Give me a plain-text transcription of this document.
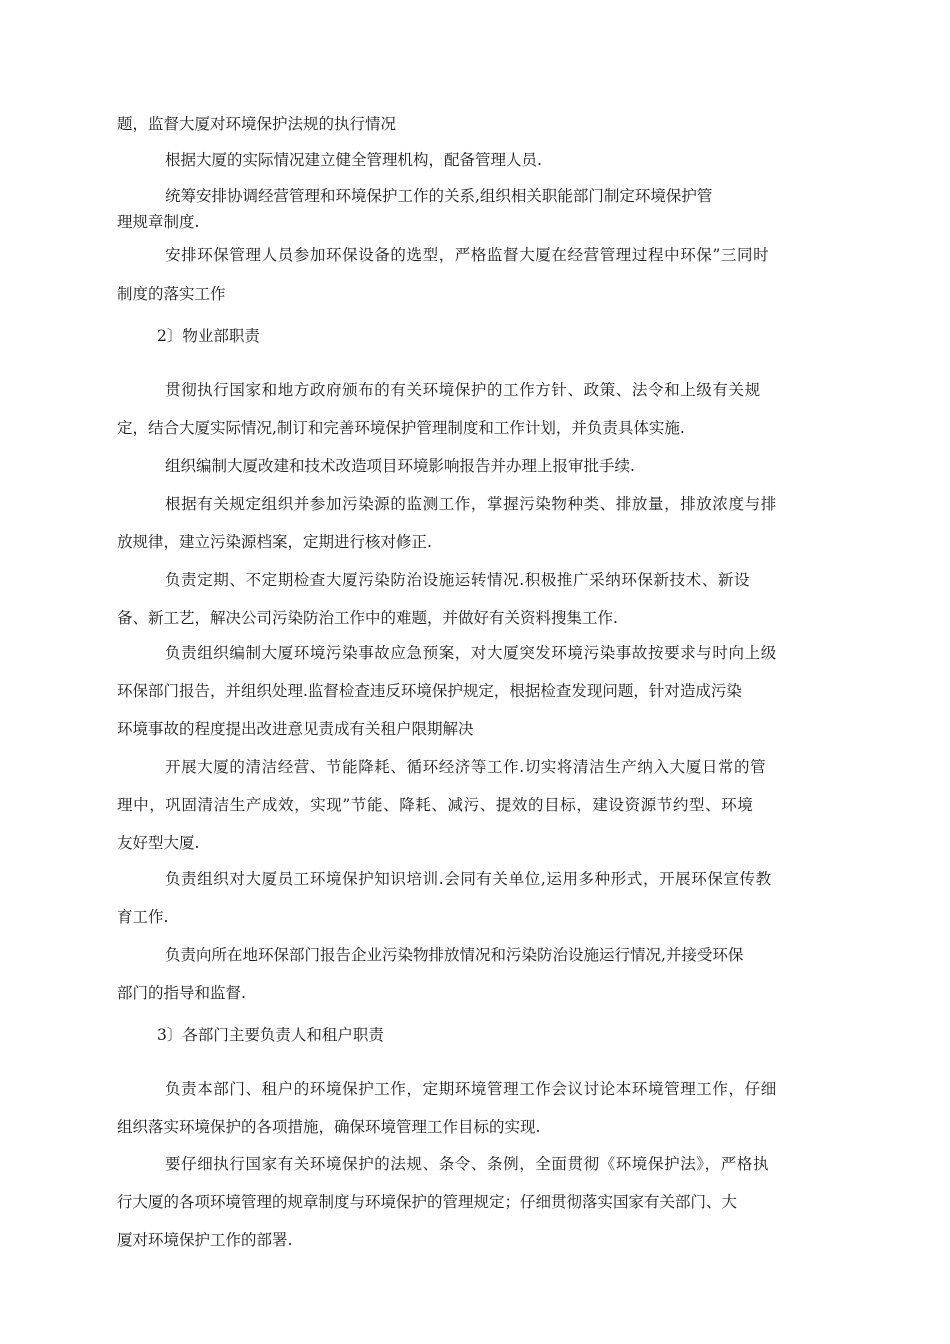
题，监督大厦对环境保护法规的执行情况
根据大厦的实际情况建立健全管理机构，配备管理人员.
统筹安排协调经营管理和环境保护工作的关系,组织相关职能部门制定环境保护管
理规章制度.
安排环保管理人员参加环保设备的选型，严格监督大厦在经营管理过程中环保”三同时
制度的落实工作
2〕物业部职责
贯彻执行国家和地方政府颁布的有关环境保护的工作方针、政策、法令和上级有关规
定，结合大厦实际情况,制订和完善环境保护管理制度和工作计划，并负责具体实施.
组织编制大厦改建和技术改造项目环境影响报告并办理上报审批手续.
根据有关规定组织并参加污染源的监测工作，掌握污染物种类、排放量，排放浓度与排
放规律，建立污染源档案，定期进行核对修正.
负责定期、不定期检查大厦污染防治设施运转情况.积极推广采纳环保新技术、新设
备、新工艺，解决公司污染防治工作中的难题，并做好有关资料搜集工作.
负责组织编制大厦环境污染事故应急预案，对大厦突发环境污染事故按要求与时向上级
环保部门报告，并组织处理.监督检查违反环境保护规定，根据检查发现问题，针对造成污染
环境事故的程度提出改进意见责成有关租户限期解决
开展大厦的清洁经营、节能降耗、循环经济等工作.切实将清洁生产纳入大厦日常的管
理中，巩固清洁生产成效，实现”节能、降耗、减污、提效的目标，建设资源节约型、环境
友好型大厦.
负责组织对大厦员工环境保护知识培训.会同有关单位,运用多种形式，开展环保宣传教
育工作.
负责向所在地环保部门报告企业污染物排放情况和污染防治设施运行情况,并接受环保
部门的指导和监督.
3〕各部门主要负责人和租户职责
负责本部门、租户的环境保护工作，定期环境管理工作会议讨论本环境管理工作，仔细
组织落实环境保护的各项措施，确保环境管理工作目标的实现.
要仔细执行国家有关环境保护的法规、条令、条例，全面贯彻《环境保护法》，严格执
行大厦的各项环境管理的规章制度与环境保护的管理规定；仔细贯彻落实国家有关部门、大
厦对环境保护工作的部署.
